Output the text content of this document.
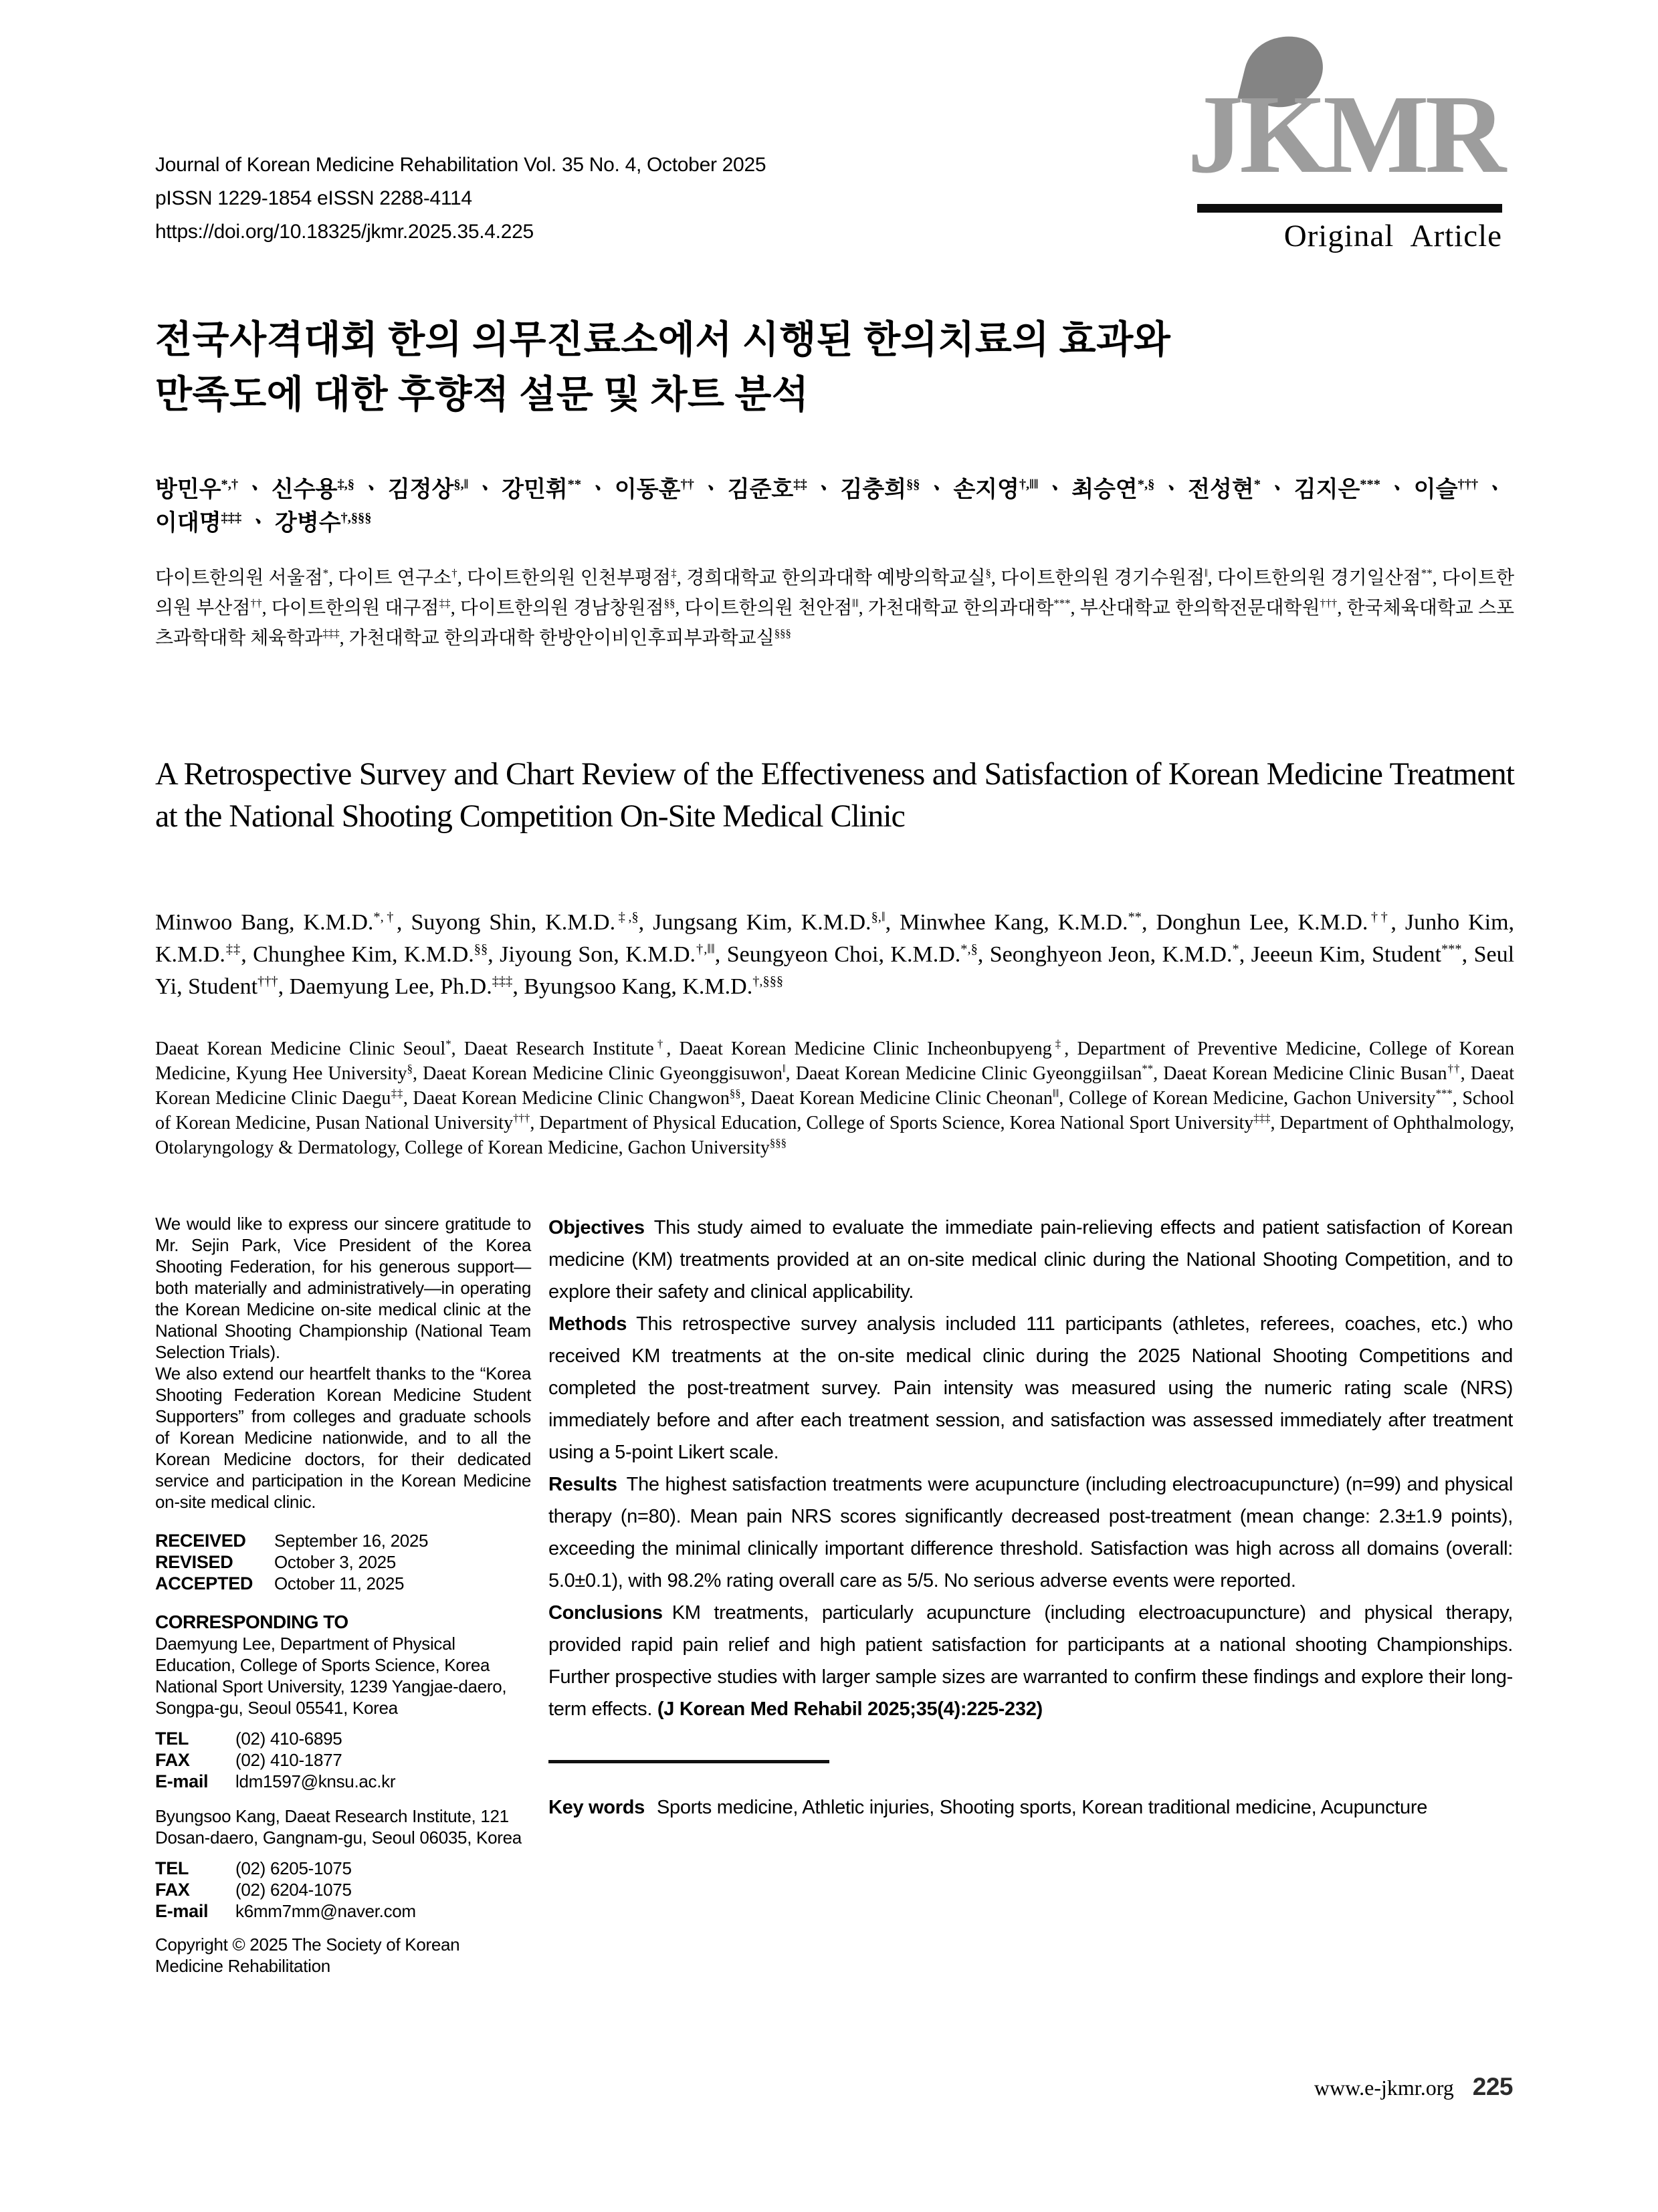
Journal of Korean Medicine Rehabilitation Vol. 35 No. 4, October 2025
pISSN 1229-1854 eISSN 2288-4114
https://doi.org/10.18325/jkmr.2025.35.4.225
JKMR
Original Article
전국사격대회 한의 의무진료소에서 시행된 한의치료의 효과와
만족도에 대한 후향적 설문 및 차트 분석

방민우*,† ㆍ 신수용‡,§ ㆍ 김정상§,‖ ㆍ 강민휘** ㆍ 이동훈†† ㆍ 김준호‡‡ ㆍ 김충희§§ ㆍ 손지영†,‖‖ ㆍ 최승연*,§ ㆍ 전성현* ㆍ 김지은*** ㆍ 이슬††† ㆍ 이대명‡‡‡ ㆍ 강병수†,§§§

다이트한의원 서울점*, 다이트 연구소†, 다이트한의원 인천부평점‡, 경희대학교 한의과대학 예방의학교실§, 다이트한의원 경기수원점‖, 다이트한의원 경기일산점**, 다이트한의원 부산점††, 다이트한의원 대구점‡‡, 다이트한의원 경남창원점§§, 다이트한의원 천안점‖‖, 가천대학교 한의과대학***, 부산대학교 한의학전문대학원†††, 한국체육대학교 스포츠과학대학 체육학과‡‡‡, 가천대학교 한의과대학 한방안이비인후피부과학교실§§§

A Retrospective Survey and Chart Review of the Effectiveness and Satisfaction of Korean Medicine Treatment at the National Shooting Competition On-Site Medical Clinic

Minwoo Bang, K.M.D.*,†, Suyong Shin, K.M.D.‡,§, Jungsang Kim, K.M.D.§,‖, Minwhee Kang, K.M.D.**, Donghun Lee, K.M.D.††, Junho Kim, K.M.D.‡‡, Chunghee Kim, K.M.D.§§, Jiyoung Son, K.M.D.†,‖‖, Seungyeon Choi, K.M.D.*,§, Seonghyeon Jeon, K.M.D.*, Jeeeun Kim, Student***, Seul Yi, Student†††, Daemyung Lee, Ph.D.‡‡‡, Byungsoo Kang, K.M.D.†,§§§

Daeat Korean Medicine Clinic Seoul*, Daeat Research Institute†, Daeat Korean Medicine Clinic Incheonbupyeng‡, Department of Preventive Medicine, College of Korean Medicine, Kyung Hee University§, Daeat Korean Medicine Clinic Gyeonggisuwon‖, Daeat Korean Medicine Clinic Gyeonggiilsan**, Daeat Korean Medicine Clinic Busan††, Daeat Korean Medicine Clinic Daegu‡‡, Daeat Korean Medicine Clinic Changwon§§, Daeat Korean Medicine Clinic Cheonan‖‖, College of Korean Medicine, Gachon University***, School of Korean Medicine, Pusan National University†††, Department of Physical Education, College of Sports Science, Korea National Sport University‡‡‡, Department of Ophthalmology, Otolaryngology & Dermatology, College of Korean Medicine, Gachon University§§§

We would like to express our sincere gratitude to Mr. Sejin Park, Vice President of the Korea Shooting Federation, for his generous support—both materially and administratively—in operating the Korean Medicine on-site medical clinic at the National Shooting Championship (National Team Selection Trials).

We also extend our heartfelt thanks to the “Korea Shooting Federation Korean Medicine Student Supporters” from colleges and graduate schools of Korean Medicine nationwide, and to all the Korean Medicine doctors, for their dedicated service and participation in the Korean Medicine on-site medical clinic.

RECEIVED	September 16, 2025
REVISED	October 3, 2025
ACCEPTED	October 11, 2025
CORRESPONDING TO

Daemyung Lee, Department of Physical Education, College of Sports Science, Korea National Sport University, 1239 Yangjae-daero, Songpa-gu, Seoul 05541, Korea

TEL	(02) 410-6895
FAX	(02) 410-1877
E-mail	ldm1597@knsu.ac.kr

Byungsoo Kang, Daeat Research Institute, 121 Dosan-daero, Gangnam-gu, Seoul 06035, Korea

TEL	(02) 6205-1075
FAX	(02) 6204-1075
E-mail	k6mm7mm@naver.com

Copyright © 2025 The Society of Korean Medicine Rehabilitation

Objectives This study aimed to evaluate the immediate pain-relieving effects and patient satisfaction of Korean medicine (KM) treatments provided at an on-site medical clinic during the National Shooting Competition, and to explore their safety and clinical applicability.

Methods This retrospective survey analysis included 111 participants (athletes, referees, coaches, etc.) who received KM treatments at the on-site medical clinic during the 2025 National Shooting Competitions and completed the post-treatment survey. Pain intensity was measured using the numeric rating scale (NRS) immediately before and after each treatment session, and satisfaction was assessed immediately after treatment using a 5-point Likert scale.

Results The highest satisfaction treatments were acupuncture (including electroacupuncture) (n=99) and physical therapy (n=80). Mean pain NRS scores significantly decreased post-treatment (mean change: 2.3±1.9 points), exceeding the minimal clinically important difference threshold. Satisfaction was high across all domains (overall: 5.0±0.1), with 98.2% rating overall care as 5/5. No serious adverse events were reported.

Conclusions KM treatments, particularly acupuncture (including electroacupuncture) and physical therapy, provided rapid pain relief and high patient satisfaction for participants at a national shooting Championships. Further prospective studies with larger sample sizes are warranted to confirm these findings and explore their long-term effects. (J Korean Med Rehabil 2025;35(4):225-232)

Key words Sports medicine, Athletic injuries, Shooting sports, Korean traditional medicine, Acupuncture

www.e-jkmr.org 225
